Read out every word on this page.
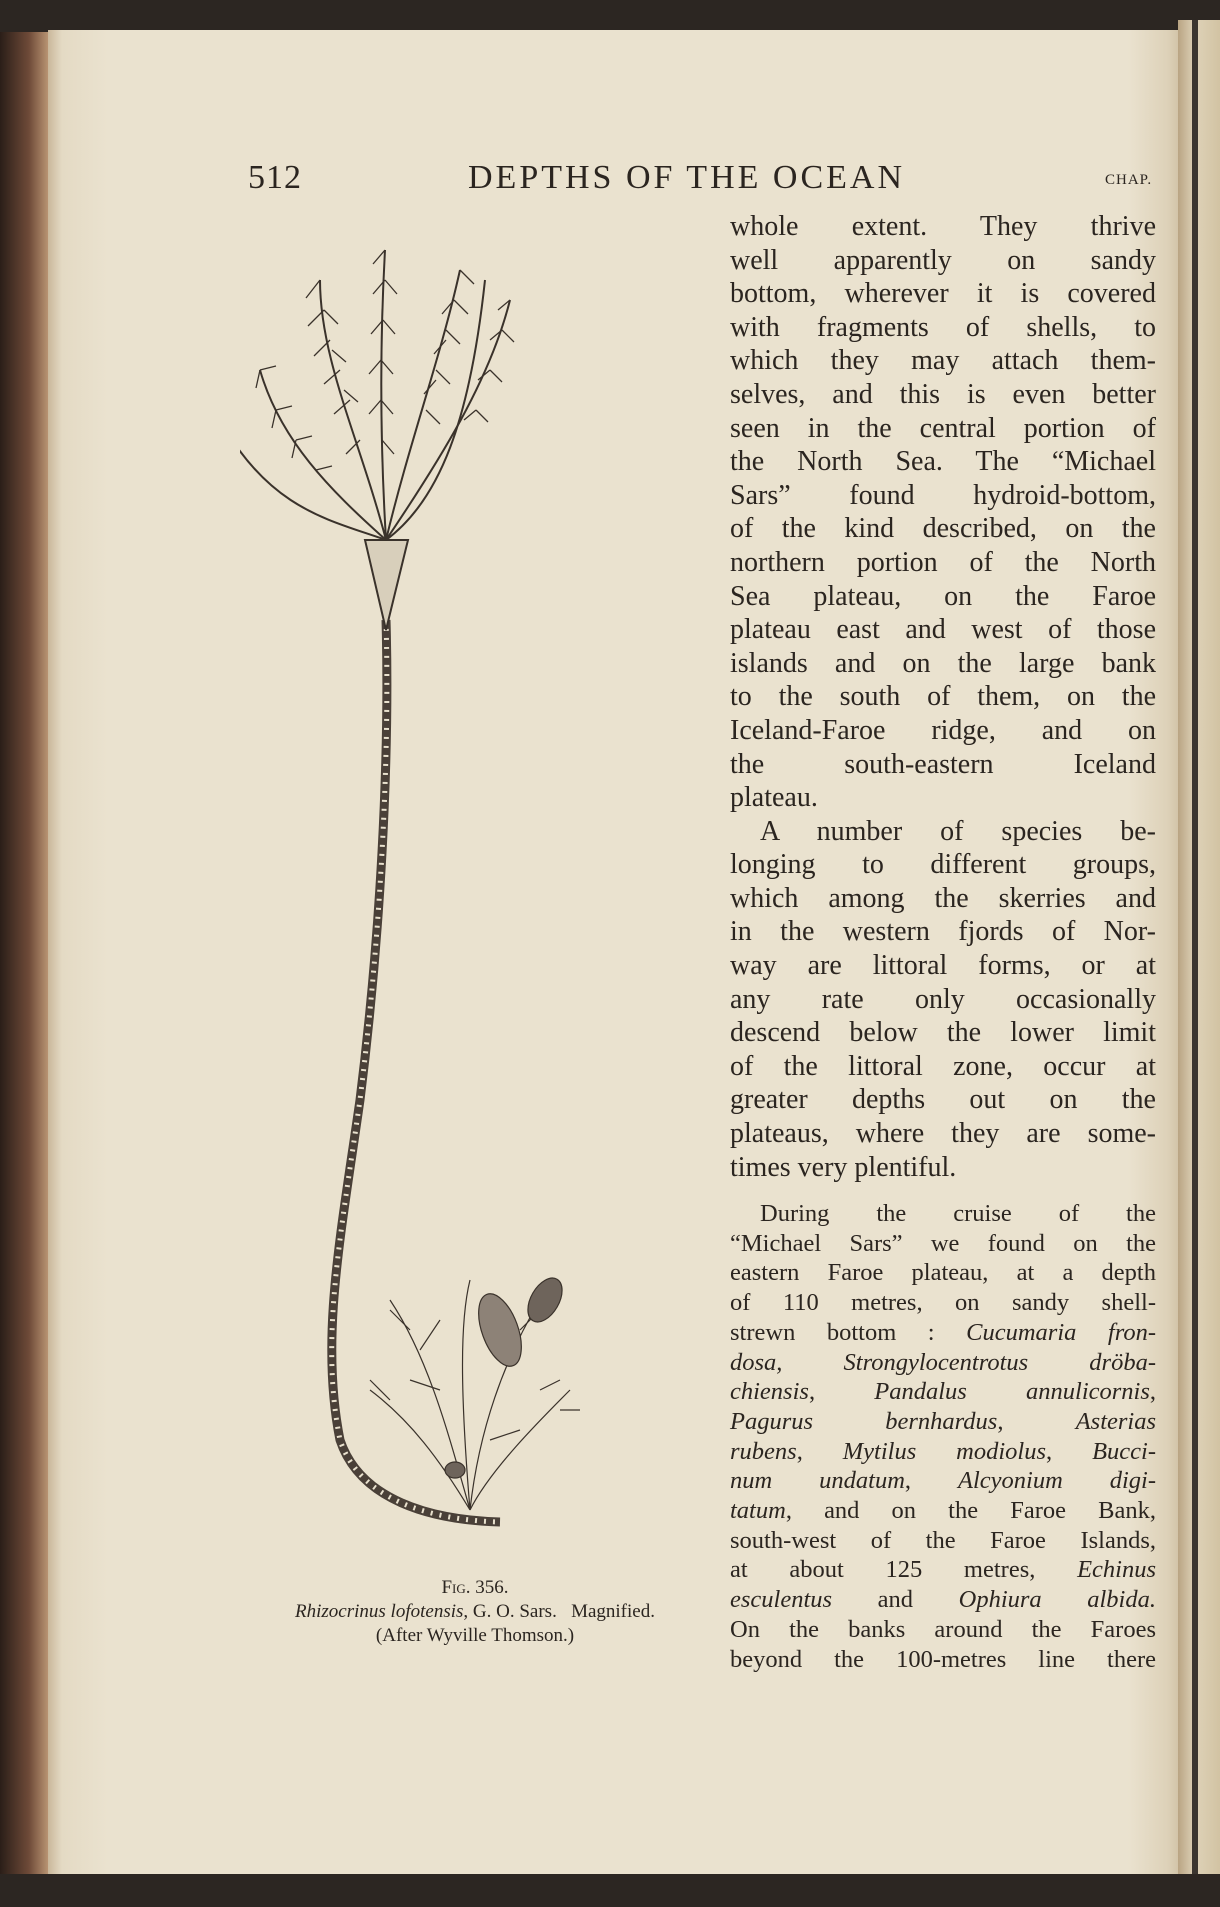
512	DEPTHS OF THE OCEAN	CHAP.
Fig. 356.
Rhizocrinus lofotensis, G. O. Sars.   Magnified.
(After Wyville Thomson.)
whole extent. They thrive
well apparently on sandy
bottom, wherever it is covered
with fragments of shells, to
which they may attach them-
selves, and this is even better
seen in the central portion of
the North Sea. The “Michael
Sars” found hydroid-bottom,
of the kind described, on the
northern portion of the North
Sea plateau, on the Faroe
plateau east and west of those
islands and on the large bank
to the south of them, on the
Iceland-Faroe ridge, and on
the south-eastern Iceland
plateau.
A number of species be-
longing to different groups,
which among the skerries and
in the western fjords of Nor-
way are littoral forms, or at
any rate only occasionally
descend below the lower limit
of the littoral zone, occur at
greater depths out on the
plateaus, where they are some-
times very plentiful.
During the cruise of the
“Michael Sars” we found on the
eastern Faroe plateau, at a depth
of 110 metres, on sandy shell-
strewn bottom : Cucumaria fron-
dosa, Strongylocentrotus dröba-
chiensis, Pandalus annulicornis,
Pagurus bernhardus, Asterias
rubens, Mytilus modiolus, Bucci-
num undatum, Alcyonium digi-
tatum, and on the Faroe Bank,
south-west of the Faroe Islands,
at about 125 metres, Echinus
esculentus and Ophiura albida.
On the banks around the Faroes
beyond the 100-metres line there
